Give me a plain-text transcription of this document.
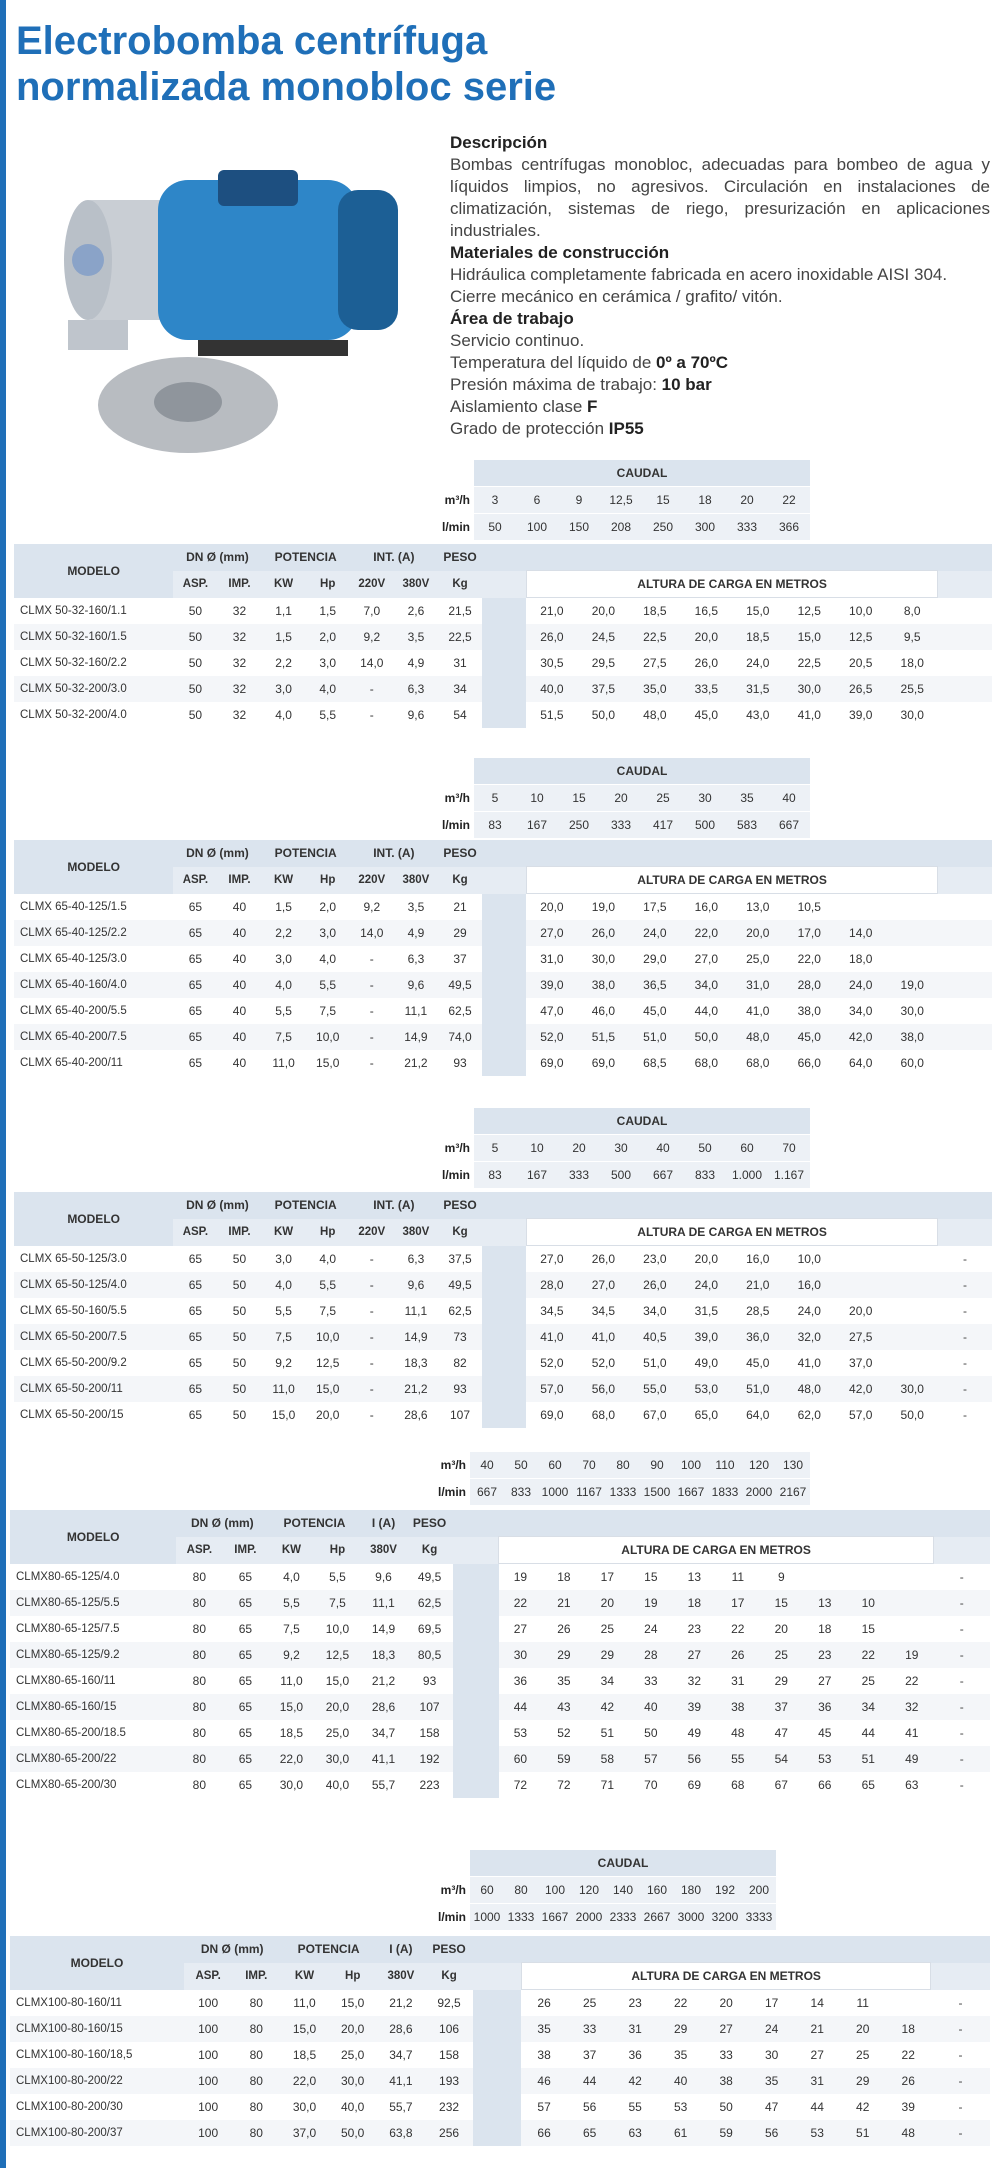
Electrobomba centrífuga
normalizada monobloc serie

Descripción

Bombas centrífugas monobloc, adecuadas para bombeo de agua y líquidos limpios, no agresivos. Circulación en instalaciones de climatización, sistemas de riego, presurización en aplicaciones industriales.

Materiales de construcción

Hidráulica completamente fabricada en acero inoxidable AISI 304.

Cierre mecánico en cerámica / grafito/ vitón.

Área de trabajo

Servicio continuo.

Temperatura del líquido de 0º a 70ºC

Presión máxima de trabajo: 10 bar

Aislamiento clase F

Grado de protección IP55

	CAUDAL							
m³/h	3	6	9	12,5	15	18	20	22
l/min	50	100	150	208	250	300	333	366
MODELO	DN Ø (mm)		POTENCIA		INT. (A)		PESO										
	ASP.	IMP.	KW	Hp	220V	380V	Kg		ALTURA DE CARGA EN METROS								
CLMX 50-32-160/1.1	50	32	1,1	1,5	7,0	2,6	21,5		21,0	20,0	18,5	16,5	15,0	12,5	10,0	8,0	
CLMX 50-32-160/1.5	50	32	1,5	2,0	9,2	3,5	22,5		26,0	24,5	22,5	20,0	18,5	15,0	12,5	9,5	
CLMX 50-32-160/2.2	50	32	2,2	3,0	14,0	4,9	31		30,5	29,5	27,5	26,0	24,0	22,5	20,5	18,0	
CLMX 50-32-200/3.0	50	32	3,0	4,0	-	6,3	34		40,0	37,5	35,0	33,5	31,5	30,0	26,5	25,5	
CLMX 50-32-200/4.0	50	32	4,0	5,5	-	9,6	54		51,5	50,0	48,0	45,0	43,0	41,0	39,0	30,0	
	CAUDAL							
m³/h	5	10	15	20	25	30	35	40
l/min	83	167	250	333	417	500	583	667
MODELO	DN Ø (mm)		POTENCIA		INT. (A)		PESO										
	ASP.	IMP.	KW	Hp	220V	380V	Kg		ALTURA DE CARGA EN METROS								
CLMX 65-40-125/1.5	65	40	1,5	2,0	9,2	3,5	21		20,0	19,0	17,5	16,0	13,0	10,5			
CLMX 65-40-125/2.2	65	40	2,2	3,0	14,0	4,9	29		27,0	26,0	24,0	22,0	20,0	17,0	14,0		
CLMX 65-40-125/3.0	65	40	3,0	4,0	-	6,3	37		31,0	30,0	29,0	27,0	25,0	22,0	18,0		
CLMX 65-40-160/4.0	65	40	4,0	5,5	-	9,6	49,5		39,0	38,0	36,5	34,0	31,0	28,0	24,0	19,0	
CLMX 65-40-200/5.5	65	40	5,5	7,5	-	11,1	62,5		47,0	46,0	45,0	44,0	41,0	38,0	34,0	30,0	
CLMX 65-40-200/7.5	65	40	7,5	10,0	-	14,9	74,0		52,0	51,5	51,0	50,0	48,0	45,0	42,0	38,0	
CLMX 65-40-200/11	65	40	11,0	15,0	-	21,2	93		69,0	69,0	68,5	68,0	68,0	66,0	64,0	60,0	
	CAUDAL							
m³/h	5	10	20	30	40	50	60	70
l/min	83	167	333	500	667	833	1.000	1.167
MODELO	DN Ø (mm)		POTENCIA		INT. (A)		PESO										
	ASP.	IMP.	KW	Hp	220V	380V	Kg		ALTURA DE CARGA EN METROS								
CLMX 65-50-125/3.0	65	50	3,0	4,0	-	6,3	37,5		27,0	26,0	23,0	20,0	16,0	10,0			-
CLMX 65-50-125/4.0	65	50	4,0	5,5	-	9,6	49,5		28,0	27,0	26,0	24,0	21,0	16,0			-
CLMX 65-50-160/5.5	65	50	5,5	7,5	-	11,1	62,5		34,5	34,5	34,0	31,5	28,5	24,0	20,0		-
CLMX 65-50-200/7.5	65	50	7,5	10,0	-	14,9	73		41,0	41,0	40,5	39,0	36,0	32,0	27,5		-
CLMX 65-50-200/9.2	65	50	9,2	12,5	-	18,3	82		52,0	52,0	51,0	49,0	45,0	41,0	37,0		-
CLMX 65-50-200/11	65	50	11,0	15,0	-	21,2	93		57,0	56,0	55,0	53,0	51,0	48,0	42,0	30,0	-
CLMX 65-50-200/15	65	50	15,0	20,0	-	28,6	107		69,0	68,0	67,0	65,0	64,0	62,0	57,0	50,0	-
m³/h	40	50	60	70	80	90	100	110	120	130
l/min	667	833	1000	1167	1333	1500	1667	1833	2000	2167
MODELO	DN Ø (mm)		POTENCIA		I (A)	PESO												
	ASP.	IMP.	KW	Hp	380V	Kg		ALTURA DE CARGA EN METROS										
CLMX80-65-125/4.0	80	65	4,0	5,5	9,6	49,5		19	18	17	15	13	11	9				-
CLMX80-65-125/5.5	80	65	5,5	7,5	11,1	62,5		22	21	20	19	18	17	15	13	10		-
CLMX80-65-125/7.5	80	65	7,5	10,0	14,9	69,5		27	26	25	24	23	22	20	18	15		-
CLMX80-65-125/9.2	80	65	9,2	12,5	18,3	80,5		30	29	29	28	27	26	25	23	22	19	-
CLMX80-65-160/11	80	65	11,0	15,0	21,2	93		36	35	34	33	32	31	29	27	25	22	-
CLMX80-65-160/15	80	65	15,0	20,0	28,6	107		44	43	42	40	39	38	37	36	34	32	-
CLMX80-65-200/18.5	80	65	18,5	25,0	34,7	158		53	52	51	50	49	48	47	45	44	41	-
CLMX80-65-200/22	80	65	22,0	30,0	41,1	192		60	59	58	57	56	55	54	53	51	49	-
CLMX80-65-200/30	80	65	30,0	40,0	55,7	223		72	72	71	70	69	68	67	66	65	63	-
	CAUDAL								
m³/h	60	80	100	120	140	160	180	192	200
l/min	1000	1333	1667	2000	2333	2667	3000	3200	3333
MODELO	DN Ø (mm)		POTENCIA		I (A)	PESO											
	ASP.	IMP.	KW	Hp	380V	Kg		ALTURA DE CARGA EN METROS									
CLMX100-80-160/11	100	80	11,0	15,0	21,2	92,5		26	25	23	22	20	17	14	11		-
CLMX100-80-160/15	100	80	15,0	20,0	28,6	106		35	33	31	29	27	24	21	20	18	-
CLMX100-80-160/18,5	100	80	18,5	25,0	34,7	158		38	37	36	35	33	30	27	25	22	-
CLMX100-80-200/22	100	80	22,0	30,0	41,1	193		46	44	42	40	38	35	31	29	26	-
CLMX100-80-200/30	100	80	30,0	40,0	55,7	232		57	56	55	53	50	47	44	42	39	-
CLMX100-80-200/37	100	80	37,0	50,0	63,8	256		66	65	63	61	59	56	53	51	48	-
